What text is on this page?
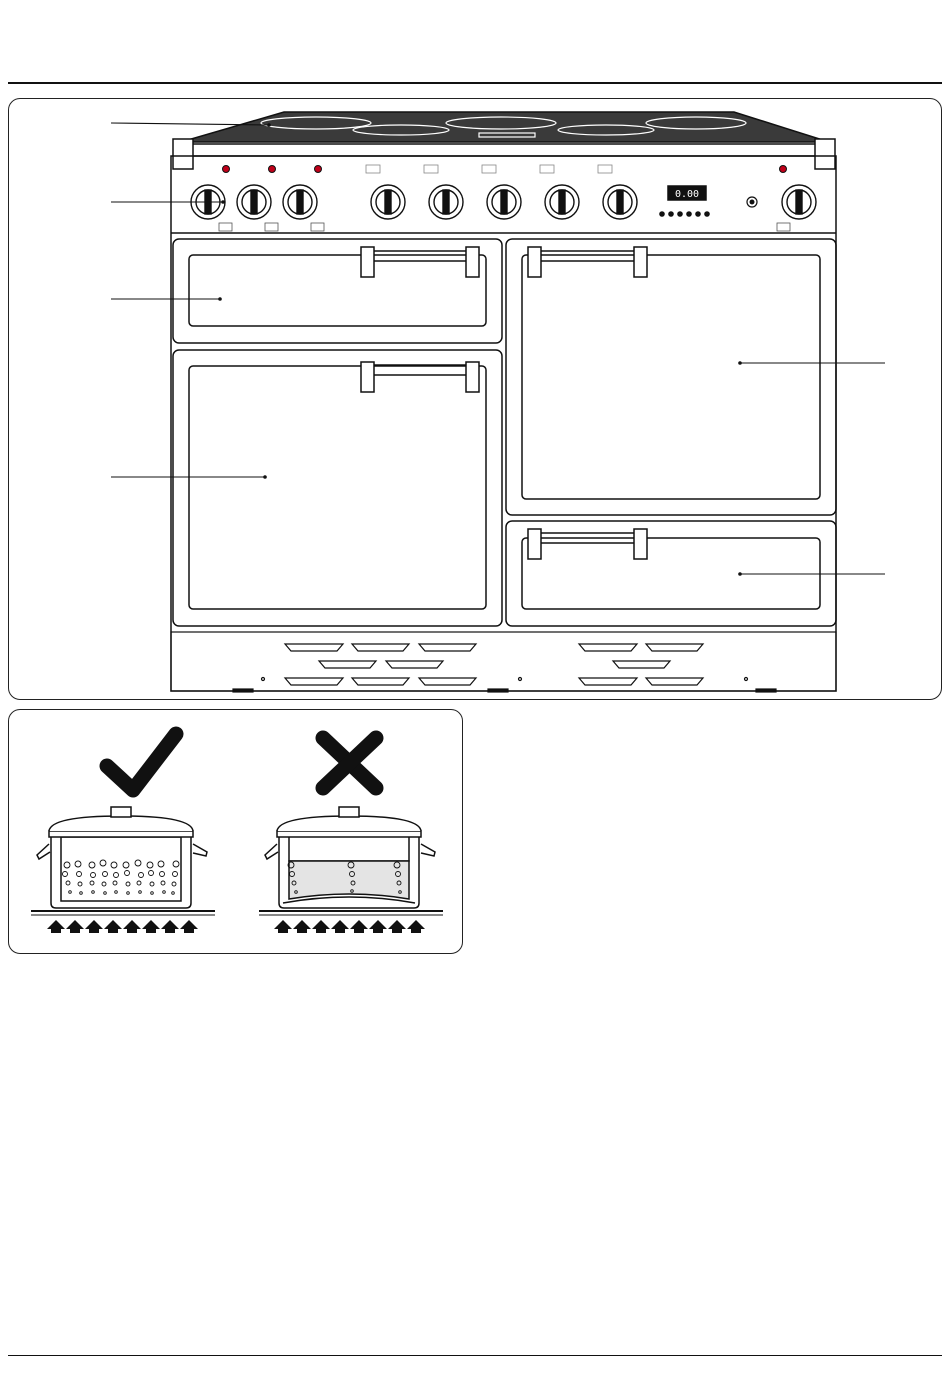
0.00
